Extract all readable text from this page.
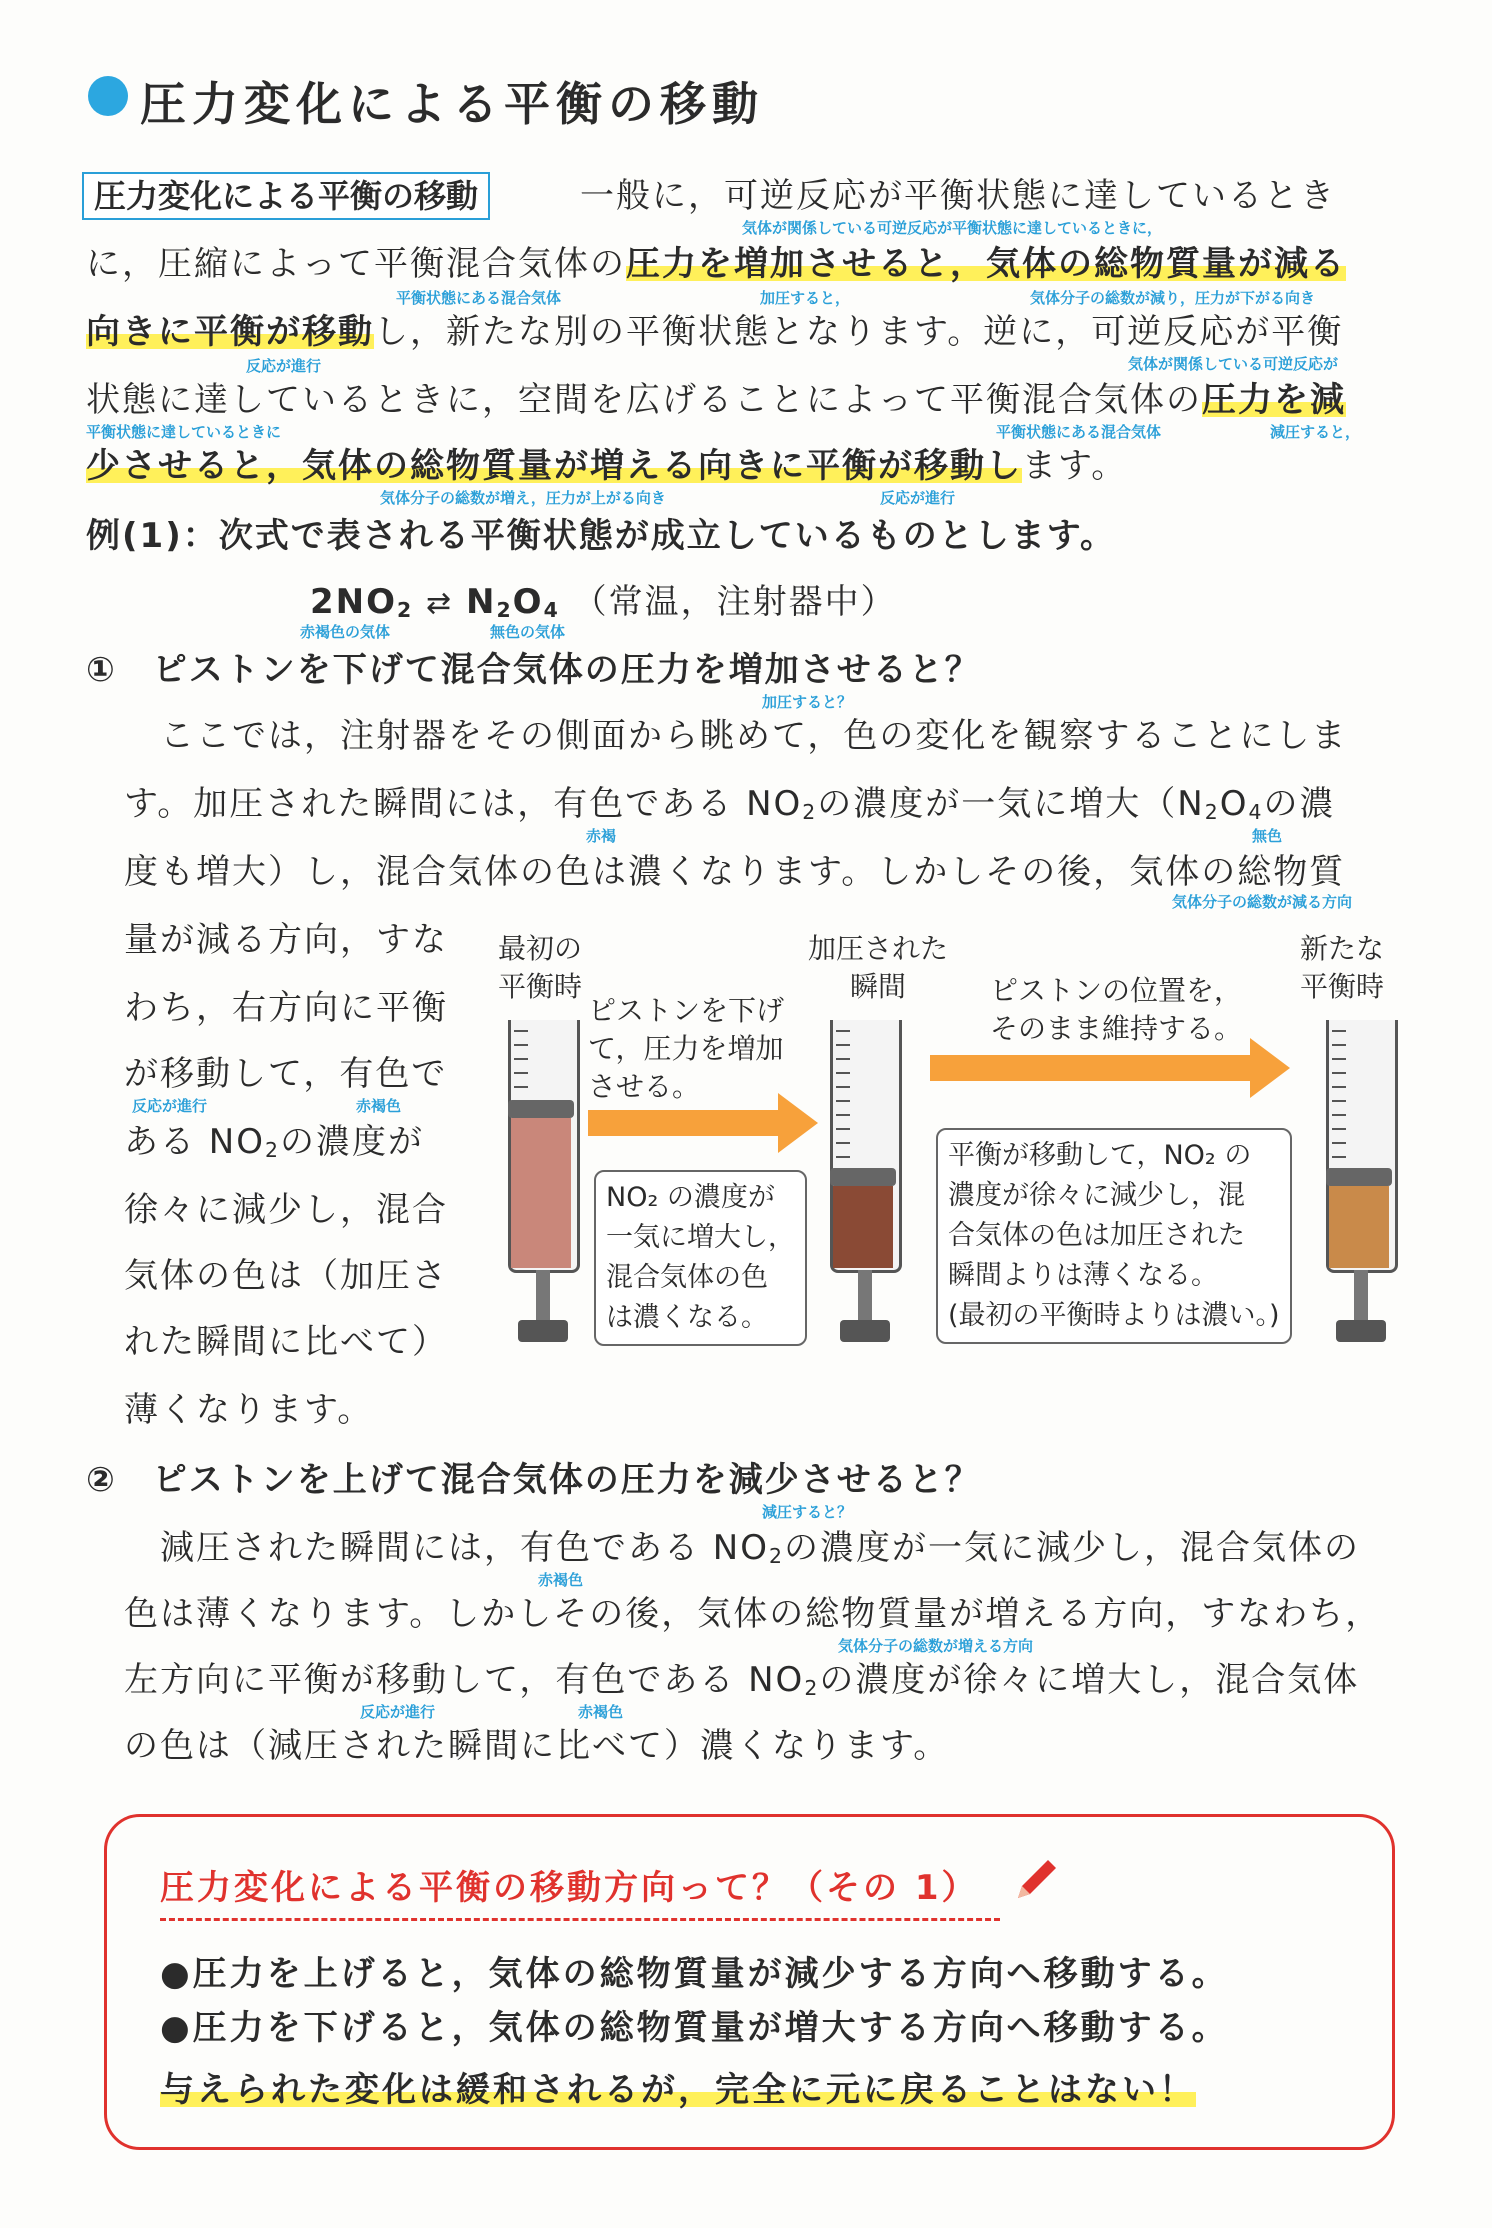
圧力変化による平衡の移動
圧力変化による平衡の移動	一般に，可逆反応が平衡状態に達しているとき
気体が関係している可逆反応が平衡状態に達しているときに，
に，圧縮によって平衡混合気体の圧力を増加させると，気体の総物質量が減る
平衡状態にある混合気体	加圧すると，	気体分子の総数が減り，圧力が下がる向き
向きに平衡が移動し，新たな別の平衡状態となります。逆に，可逆反応が平衡
反応が進行	気体が関係している可逆反応が
状態に達しているときに，空間を広げることによって平衡混合気体の圧力を減
平衡状態に達しているときに	平衡状態にある混合気体	減圧すると，
少させると，気体の総物質量が増える向きに平衡が移動します。
気体分子の総数が増え，圧力が上がる向き	反応が進行
例(1)：次式で表される平衡状態が成立しているものとします。
$2NO_2$ ⇄ $N_2O_4$ （常温，注射器中）
赤褐色の気体	無色の気体
①　ピストンを下げて混合気体の圧力を増加させると？
加圧すると？
ここでは，注射器をその側面から眺めて，色の変化を観察することにしま
す。加圧された瞬間には，有色である $NO_2$の濃度が一気に増大（$N_2O_4$の濃
赤褐	無色
度も増大）し，混合気体の色は濃くなります。しかしその後，気体の総物質
気体分子の総数が減る方向
量が減る方向，すな
わち，右方向に平衡
が移動して，有色で
反応が進行	赤褐色
ある $NO_2$の濃度が
徐々に減少し，混合
気体の色は（加圧さ
れた瞬間に比べて）
薄くなります。
最初の
平衡時
加圧された
瞬間
新たな
平衡時
ピストンを下げ
て，圧力を増加
させる。
ピストンの位置を，
そのまま維持する。
NO₂ の濃度が
一気に増大し，
混合気体の色
は濃くなる。
平衡が移動して，NO₂ の
濃度が徐々に減少し，混
合気体の色は加圧された
瞬間よりは薄くなる。
(最初の平衡時よりは濃い。)
②　ピストンを上げて混合気体の圧力を減少させると？
減圧すると？
減圧された瞬間には，有色である $NO_2$の濃度が一気に減少し，混合気体の
赤褐色
色は薄くなります。しかしその後，気体の総物質量が増える方向，すなわち，
気体分子の総数が増える方向
左方向に平衡が移動して，有色である $NO_2$の濃度が徐々に増大し，混合気体
反応が進行	赤褐色
の色は（減圧された瞬間に比べて）濃くなります。
圧力変化による平衡の移動方向って？（その 1）
●圧力を上げると，気体の総物質量が減少する方向へ移動する。
●圧力を下げると，気体の総物質量が増大する方向へ移動する。
与えられた変化は緩和されるが，完全に元に戻ることはない！
